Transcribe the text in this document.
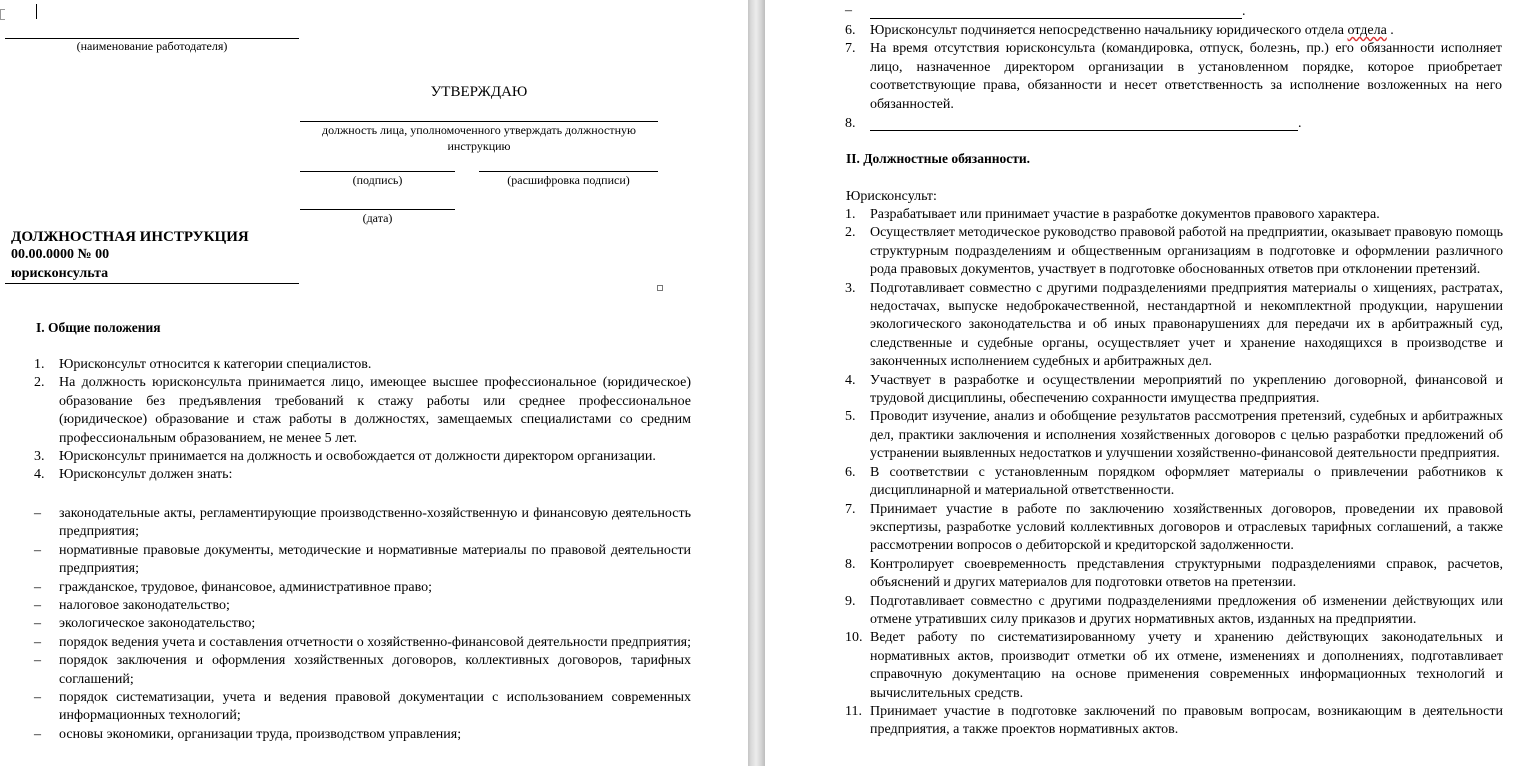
(наименование работодателя)
УТВЕРЖДАЮ
должность лица, уполномоченного утверждать должностную инструкцию
(подпись)	(расшифровка подписи)
(дата)
ДОЛЖНОСТНАЯ ИНСТРУКЦИЯ
00.00.0000 № 00
юрисконсульта
I. Общие положения
1.	Юрисконсульт относится к категории специалистов.
2.	На должность юрисконсульта принимается лицо, имеющее высшее профессиональное (юридическое) образование без предъявления требований к стажу работы или среднее профессиональное (юридическое) образование и стаж работы в должностях, замещаемых специалистами со средним профессиональным образованием, не менее 5 лет.
3.	Юрисконсульт принимается на должность и освобождается от должности директором организации.
4.	Юрисконсульт должен знать:
–	законодательные акты, регламентирующие производственно-хозяйственную и финансовую деятельность предприятия;
–	нормативные правовые документы, методические и нормативные материалы по правовой деятельности предприятия;
–	гражданское, трудовое, финансовое, административное право;
–	налоговое законодательство;
–	экологическое законодательство;
–	порядок ведения учета и составления отчетности о хозяйственно-финансовой деятельности предприятия;
–	порядок заключения и оформления хозяйственных договоров, коллективных договоров, тарифных соглашений;
–	порядок систематизации, учета и ведения правовой документации с использованием современных информационных технологий;
–	основы экономики, организации труда, производством управления;
–	.
6.	Юрисконсульт подчиняется непосредственно начальнику юридического отдела отдела .
7.	На время отсутствия юрисконсульта (командировка, отпуск, болезнь, пр.) его обязанности исполняет лицо, назначенное директором организации в установленном порядке, которое приобретает соответствующие права, обязанности и несет ответственность за исполнение возложенных на него обязанностей.
8.	.
II. Должностные обязанности.
Юрисконсульт:
1.	Разрабатывает или принимает участие в разработке документов правового характера.
2.	Осуществляет методическое руководство правовой работой на предприятии, оказывает правовую помощь структурным подразделениям и общественным организациям в подготовке и оформлении различного рода правовых документов, участвует в подготовке обоснованных ответов при отклонении претензий.
3.	Подготавливает совместно с другими подразделениями предприятия материалы о хищениях, растратах, недостачах, выпуске недоброкачественной, нестандартной и некомплектной продукции, нарушении экологического законодательства и об иных правонарушениях для передачи их в арбитражный суд, следственные и судебные органы, осуществляет учет и хранение находящихся в производстве и законченных исполнением судебных и арбитражных дел.
4.	Участвует в разработке и осуществлении мероприятий по укреплению договорной, финансовой и трудовой дисциплины, обеспечению сохранности имущества предприятия.
5.	Проводит изучение, анализ и обобщение результатов рассмотрения претензий, судебных и арбитражных дел, практики заключения и исполнения хозяйственных договоров с целью разработки предложений об устранении выявленных недостатков и улучшении хозяйственно-финансовой деятельности предприятия.
6.	В соответствии с установленным порядком оформляет материалы о привлечении работников к дисциплинарной и материальной ответственности.
7.	Принимает участие в работе по заключению хозяйственных договоров, проведении их правовой экспертизы, разработке условий коллективных договоров и отраслевых тарифных соглашений, а также рассмотрении вопросов о дебиторской и кредиторской задолженности.
8.	Контролирует своевременность представления структурными подразделениями справок, расчетов, объяснений и других материалов для подготовки ответов на претензии.
9.	Подготавливает совместно с другими подразделениями предложения об изменении действующих или отмене утративших силу приказов и других нормативных актов, изданных на предприятии.
10. Ведет работу по систематизированному учету и хранению действующих законодательных и нормативных актов, производит отметки об их отмене, изменениях и дополнениях, подготавливает справочную документацию на основе применения современных информационных технологий и вычислительных средств.
11. Принимает участие в подготовке заключений по правовым вопросам, возникающим в деятельности предприятия, а также проектов нормативных актов.
